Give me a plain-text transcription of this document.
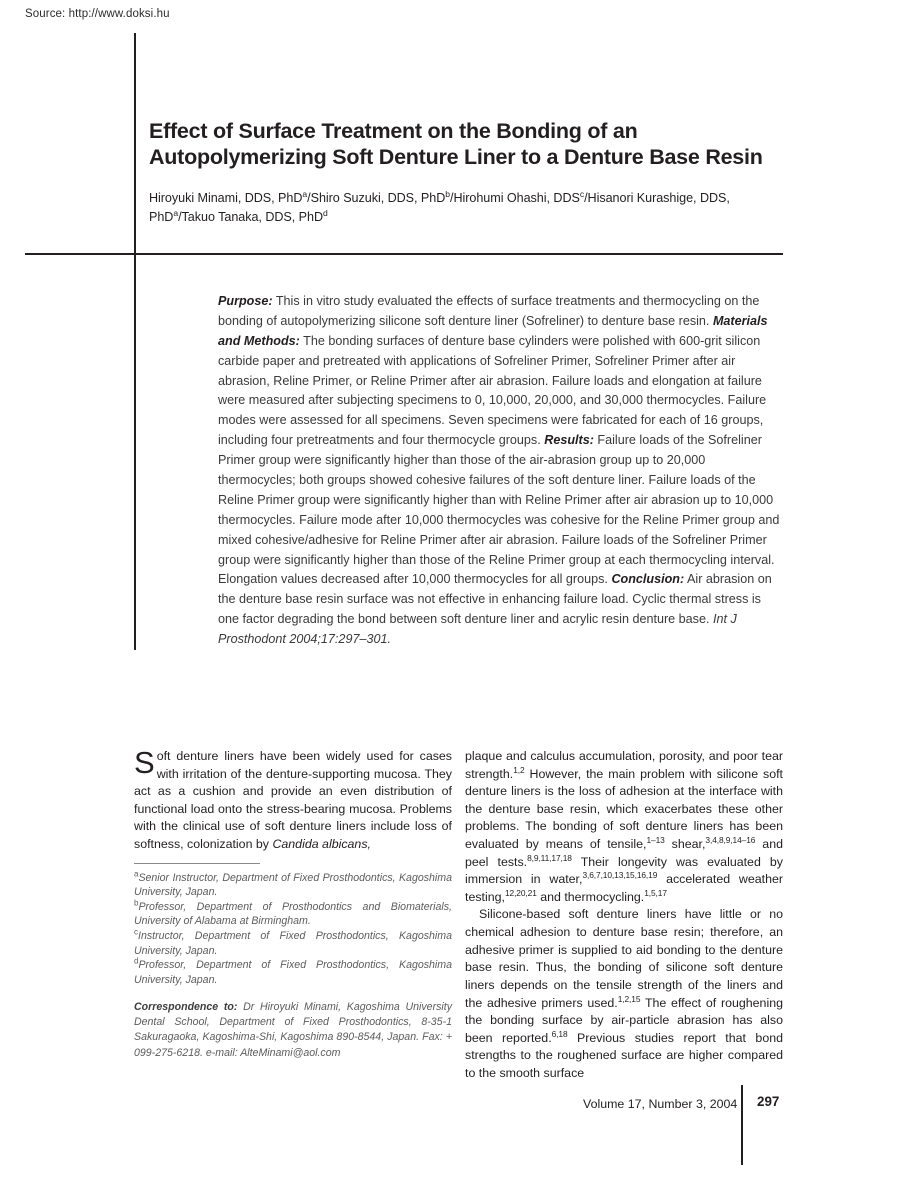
Source: http://www.doksi.hu
Effect of Surface Treatment on the Bonding of an Autopolymerizing Soft Denture Liner to a Denture Base Resin
Hiroyuki Minami, DDS, PhD$^a$/Shiro Suzuki, DDS, PhD$^b$/Hirohumi Ohashi, DDS$^c$/Hisanori Kurashige, DDS, PhD$^a$/Takuo Tanaka, DDS, PhD$^d$
Purpose: This in vitro study evaluated the effects of surface treatments and thermocycling on the bonding of autopolymerizing silicone soft denture liner (Sofreliner) to denture base resin. Materials and Methods: The bonding surfaces of denture base cylinders were polished with 600-grit silicon carbide paper and pretreated with applications of Sofreliner Primer, Sofreliner Primer after air abrasion, Reline Primer, or Reline Primer after air abrasion. Failure loads and elongation at failure were measured after subjecting specimens to 0, 10,000, 20,000, and 30,000 thermocycles. Failure modes were assessed for all specimens. Seven specimens were fabricated for each of 16 groups, including four pretreatments and four thermocycle groups. Results: Failure loads of the Sofreliner Primer group were significantly higher than those of the air-abrasion group up to 20,000 thermocycles; both groups showed cohesive failures of the soft denture liner. Failure loads of the Reline Primer group were significantly higher than with Reline Primer after air abrasion up to 10,000 thermocycles. Failure mode after 10,000 thermocycles was cohesive for the Reline Primer group and mixed cohesive/adhesive for Reline Primer after air abrasion. Failure loads of the Sofreliner Primer group were significantly higher than those of the Reline Primer group at each thermocycling interval. Elongation values decreased after 10,000 thermocycles for all groups. Conclusion: Air abrasion on the denture base resin surface was not effective in enhancing failure load. Cyclic thermal stress is one factor degrading the bond between soft denture liner and acrylic resin denture base. Int J Prosthodont 2004;17:297–301.

Soft denture liners have been widely used for cases with irritation of the denture-supporting mucosa. They act as a cushion and provide an even distribution of functional load onto the stress-bearing mucosa. Problems with the clinical use of soft denture liners include loss of softness, colonization by Candida albicans,

$^a$Senior Instructor, Department of Fixed Prosthodontics, Kagoshima University, Japan.

$^b$Professor, Department of Prosthodontics and Biomaterials, University of Alabama at Birmingham.

$^c$Instructor, Department of Fixed Prosthodontics, Kagoshima University, Japan.

$^d$Professor, Department of Fixed Prosthodontics, Kagoshima University, Japan.

Correspondence to: Dr Hiroyuki Minami, Kagoshima University Dental School, Department of Fixed Prosthodontics, 8-35-1 Sakuragaoka, Kagoshima-Shi, Kagoshima 890-8544, Japan. Fax: + 099-275-6218. e-mail: AlteMinami@aol.com

plaque and calculus accumulation, porosity, and poor tear strength.$^{1,2}$ However, the main problem with silicone soft denture liners is the loss of adhesion at the interface with the denture base resin, which exacerbates these other problems. The bonding of soft denture liners has been evaluated by means of tensile,$^{1-13}$ shear,$^{3,4,8,9,14-16}$ and peel tests.$^{8,9,11,17,18}$ Their longevity was evaluated by immersion in water,$^{3,6,7,10,13,15,16,19}$ accelerated weather testing,$^{12,20,21}$ and thermocycling.$^{1,5,17}$

Silicone-based soft denture liners have little or no chemical adhesion to denture base resin; therefore, an adhesive primer is supplied to aid bonding to the denture base resin. Thus, the bonding of silicone soft denture liners depends on the tensile strength of the liners and the adhesive primers used.$^{1,2,15}$ The effect of roughening the bonding surface by air-particle abrasion has also been reported.$^{6,18}$ Previous studies report that bond strengths to the roughened surface are higher compared to the smooth surface

Volume 17, Number 3, 2004 297
